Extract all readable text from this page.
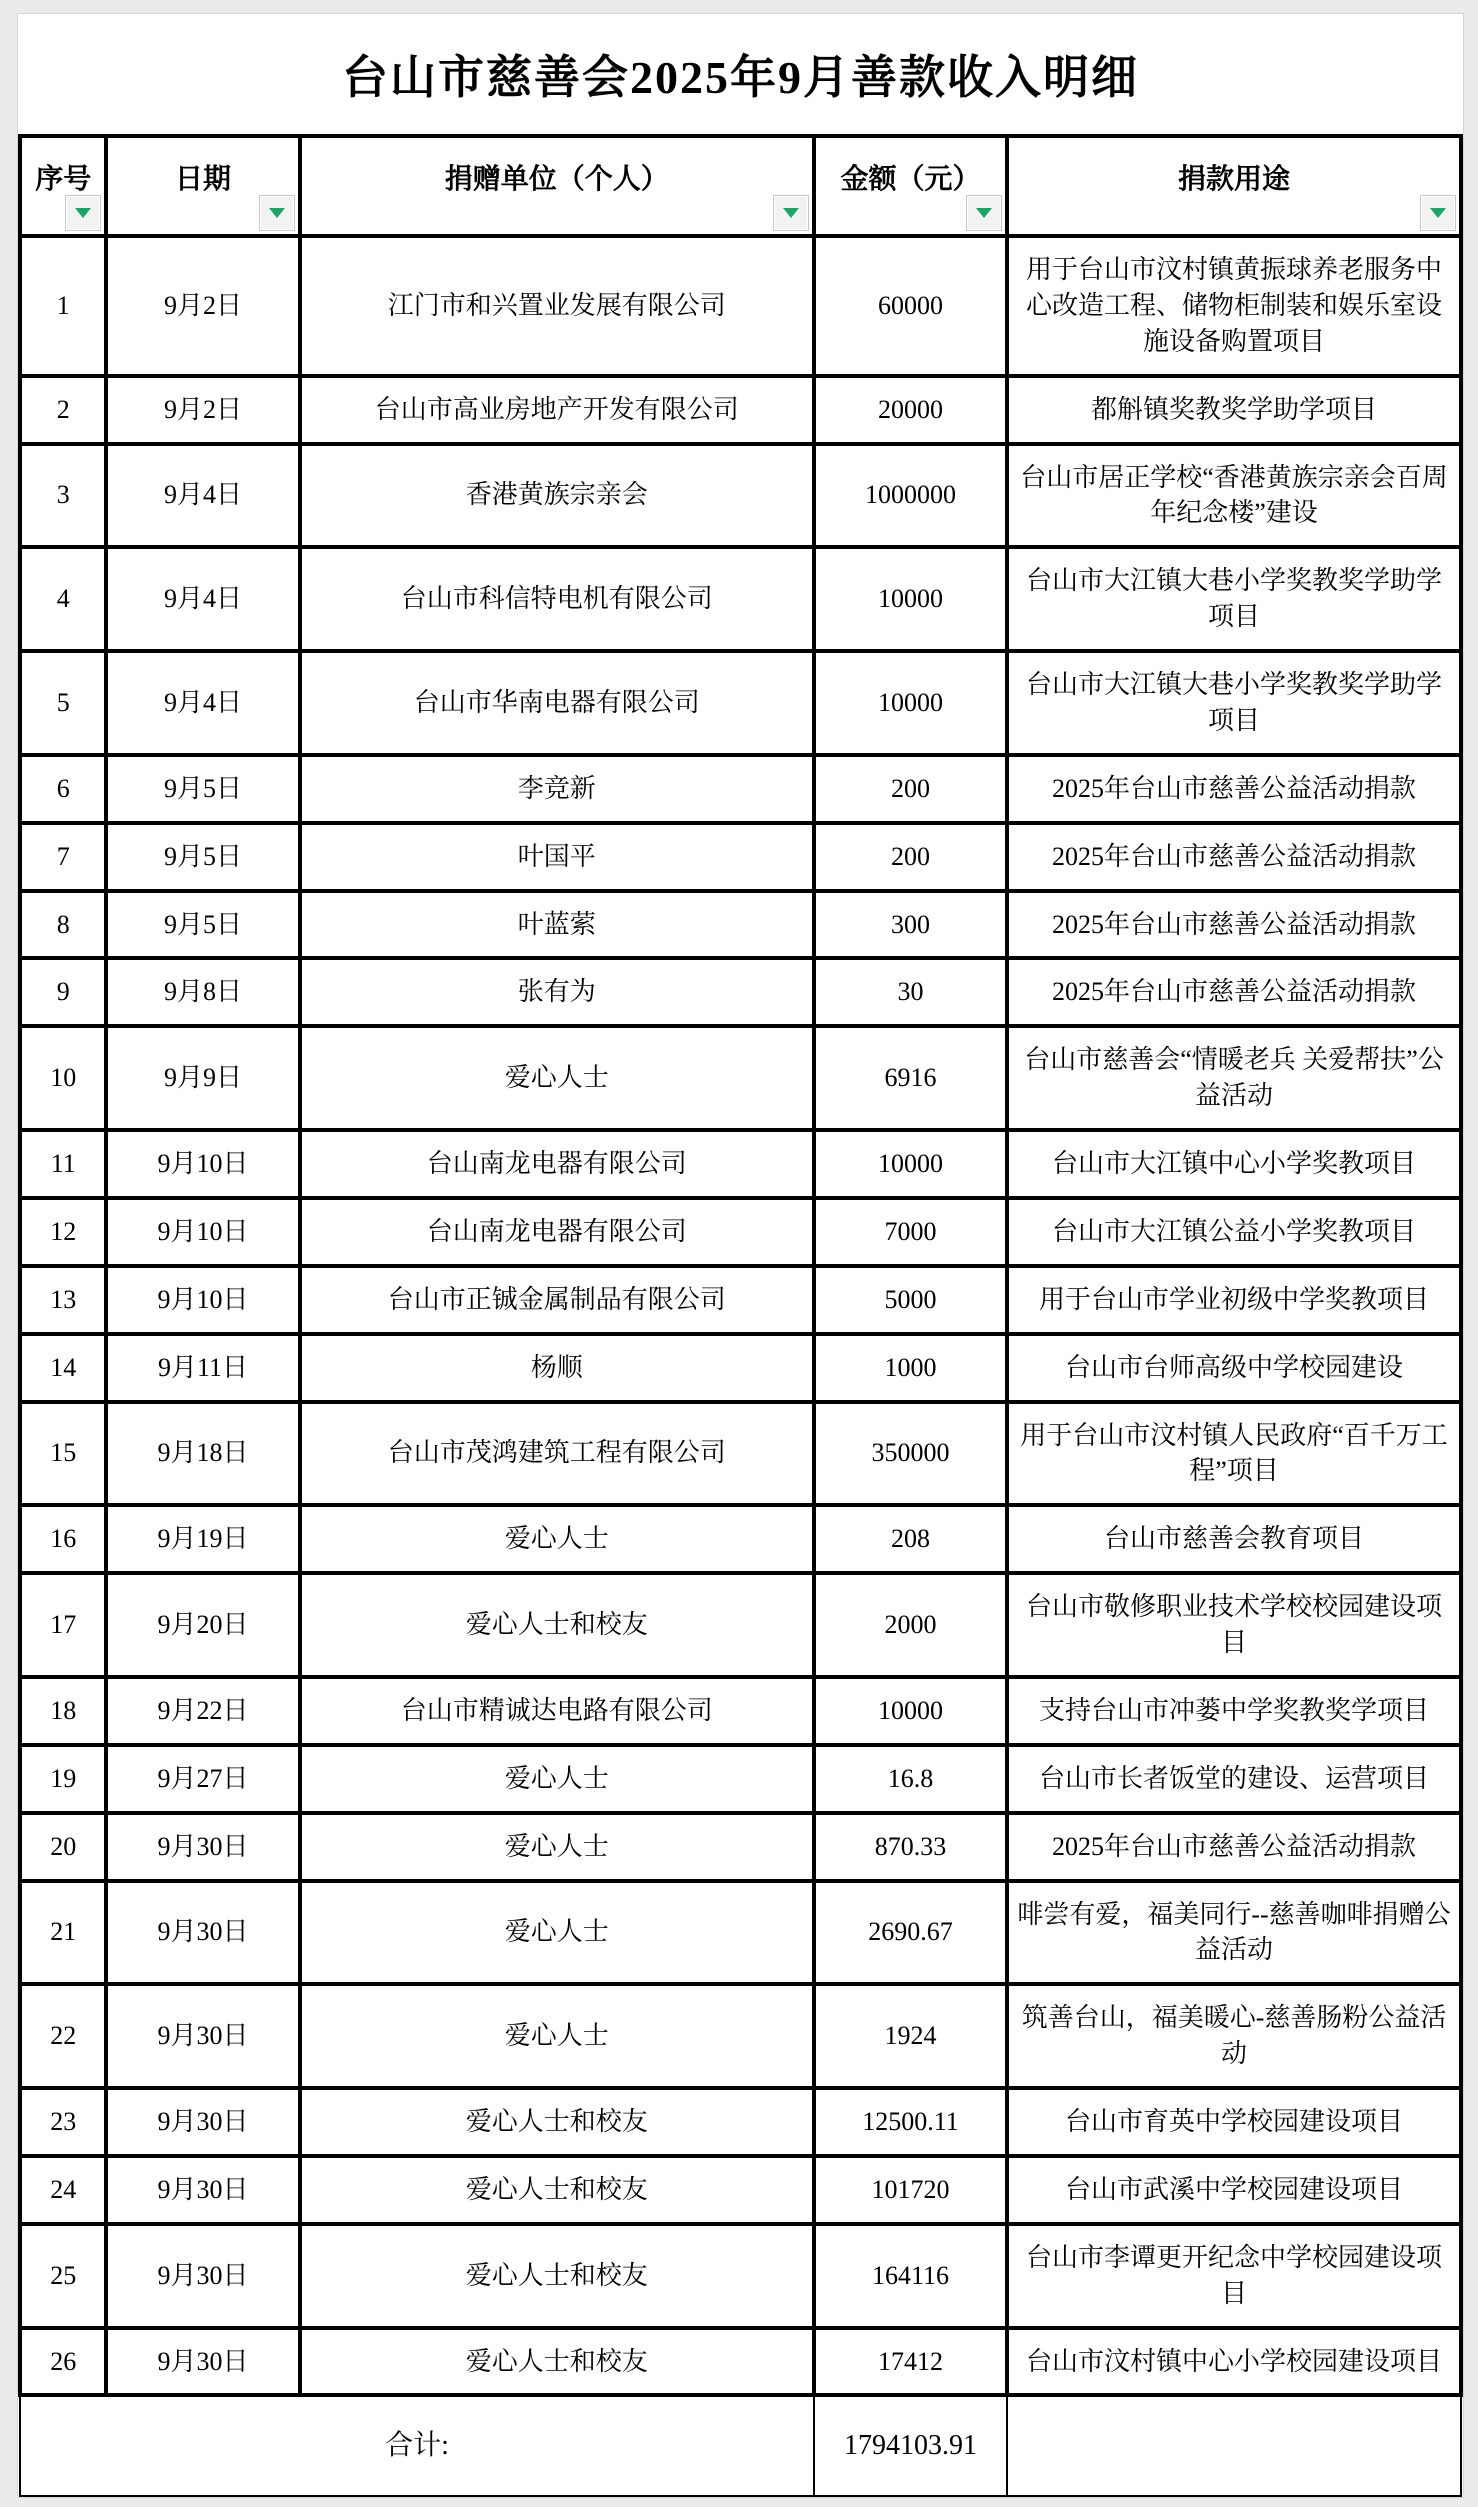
台山市慈善会2025年9月善款收入明细
序号	日期	捐赠单位（个人）	金额（元）	捐款用途

1	9月2日	江门市和兴置业发展有限公司	60000	用于台山市汶村镇黄振球养老服务中心改造工程、储物柜制装和娱乐室设施设备购置项目
2	9月2日	台山市高业房地产开发有限公司	20000	都斛镇奖教奖学助学项目
3	9月4日	香港黄族宗亲会	1000000	台山市居正学校“香港黄族宗亲会百周年纪念楼”建设
4	9月4日	台山市科信特电机有限公司	10000	台山市大江镇大巷小学奖教奖学助学项目
5	9月4日	台山市华南电器有限公司	10000	台山市大江镇大巷小学奖教奖学助学项目
6	9月5日	李竞新	200	2025年台山市慈善公益活动捐款
7	9月5日	叶国平	200	2025年台山市慈善公益活动捐款
8	9月5日	叶蓝萦	300	2025年台山市慈善公益活动捐款
9	9月8日	张有为	30	2025年台山市慈善公益活动捐款
10	9月9日	爱心人士	6916	台山市慈善会“情暖老兵 关爱帮扶”公益活动
11	9月10日	台山南龙电器有限公司	10000	台山市大江镇中心小学奖教项目
12	9月10日	台山南龙电器有限公司	7000	台山市大江镇公益小学奖教项目
13	9月10日	台山市正铖金属制品有限公司	5000	用于台山市学业初级中学奖教项目
14	9月11日	杨顺	1000	台山市台师高级中学校园建设
15	9月18日	台山市茂鸿建筑工程有限公司	350000	用于台山市汶村镇人民政府“百千万工程”项目
16	9月19日	爱心人士	208	台山市慈善会教育项目
17	9月20日	爱心人士和校友	2000	台山市敬修职业技术学校校园建设项目
18	9月22日	台山市精诚达电路有限公司	10000	支持台山市冲蒌中学奖教奖学项目
19	9月27日	爱心人士	16.8	台山市长者饭堂的建设、运营项目
20	9月30日	爱心人士	870.33	2025年台山市慈善公益活动捐款
21	9月30日	爱心人士	2690.67	啡尝有爱，福美同行--慈善咖啡捐赠公益活动
22	9月30日	爱心人士	1924	筑善台山，福美暖心-慈善肠粉公益活动
23	9月30日	爱心人士和校友	12500.11	台山市育英中学校园建设项目
24	9月30日	爱心人士和校友	101720	台山市武溪中学校园建设项目
25	9月30日	爱心人士和校友	164116	台山市李谭更开纪念中学校园建设项目
26	9月30日	爱心人士和校友	17412	台山市汶村镇中心小学校园建设项目
合计:			1794103.91	
